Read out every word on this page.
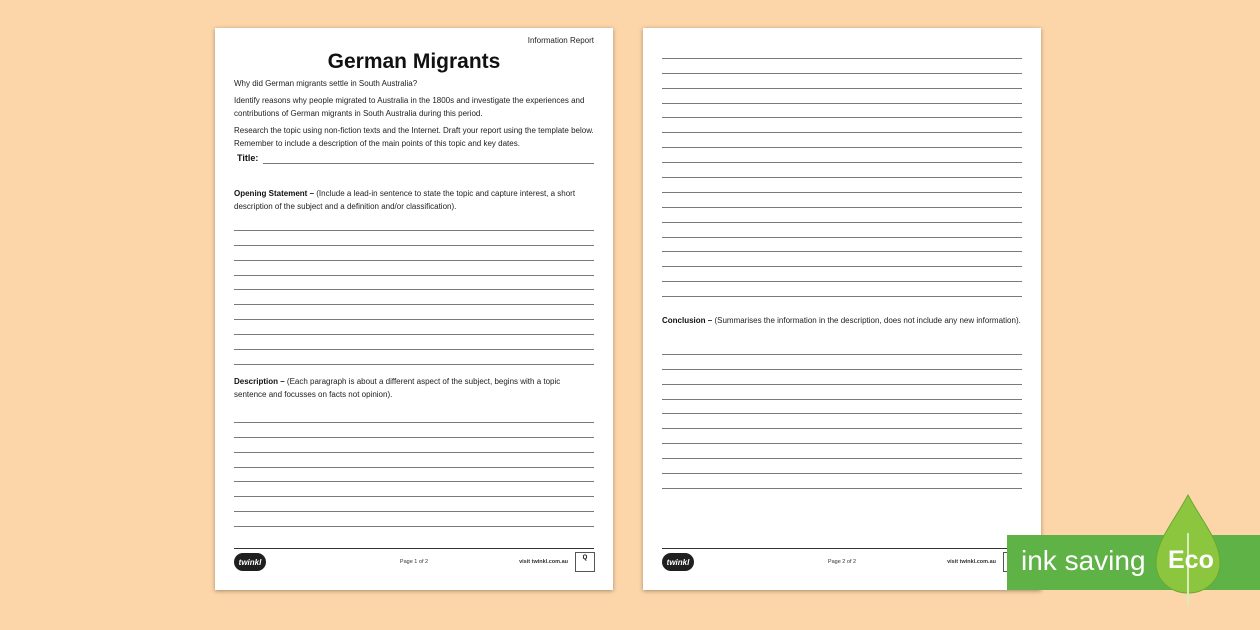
Information Report
German Migrants
Why did German migrants settle in South Australia?
Identify reasons why people migrated to Australia in the 1800s and investigate the experiences and contributions of German migrants in South Australia during this period.
Research the topic using non-fiction texts and the Internet. Draft your report using the template below. Remember to include a description of the main points of this topic and key dates.
Title:
Opening Statement – (Include a lead-in sentence to state the topic and capture interest, a short description of the subject and a definition and/or classification).
Description – (Each paragraph is about a different aspect of the subject, begins with a topic sentence and focusses on facts not opinion).
twinkl	Page 1 of 2	visit twinkl.com.au
Q
Conclusion – (Summarises the information in the description, does not include any new information).
twinkl	Page 2 of 2	visit twinkl.com.au ink saving Eco
